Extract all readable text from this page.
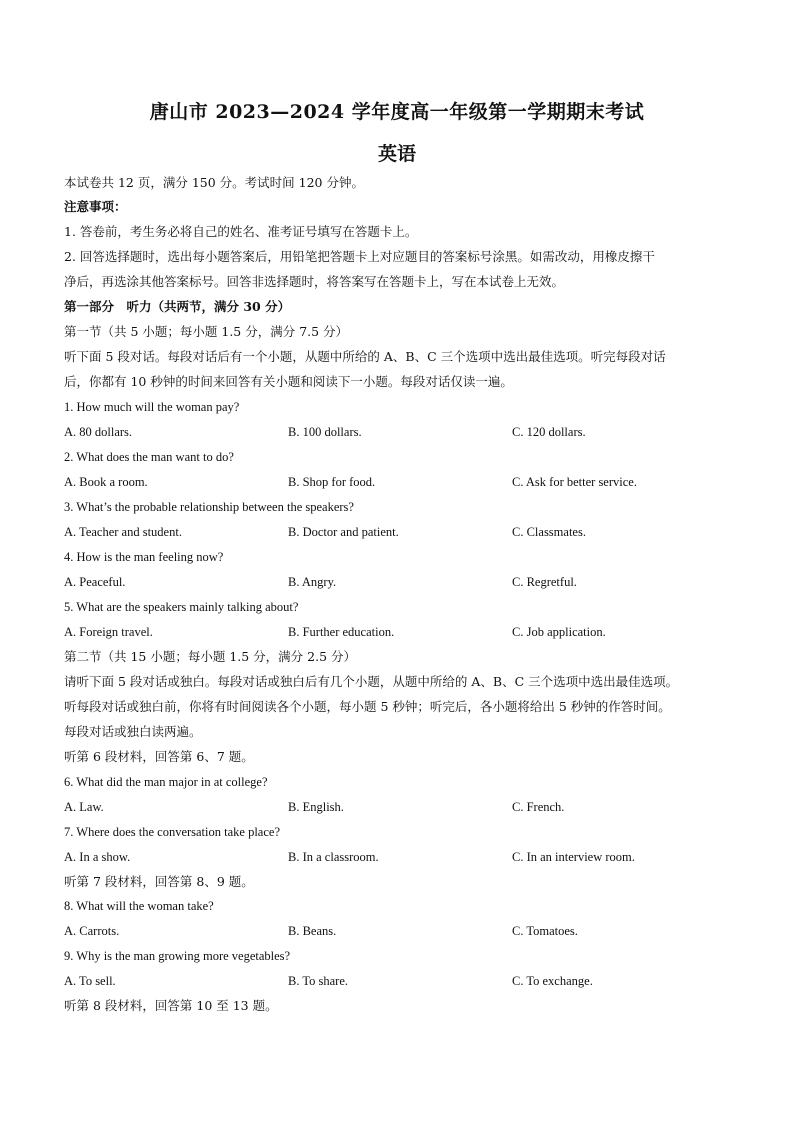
唐山市 2023—2024 学年度高一年级第一学期期末考试
英语
本试卷共 12 页，满分 150 分。考试时间 120 分钟。
注意事项：
1. 答卷前，考生务必将自己的姓名、准考证号填写在答题卡上。
2. 回答选择题时，选出每小题答案后，用铅笔把答题卡上对应题目的答案标号涂黑。如需改动，用橡皮擦干
净后，再选涂其他答案标号。回答非选择题时，将答案写在答题卡上，写在本试卷上无效。
第一部分　听力（共两节，满分 30 分）
第一节（共 5 小题；每小题 1.5 分，满分 7.5 分）
听下面 5 段对话。每段对话后有一个小题，从题中所给的 A、B、C 三个选项中选出最佳选项。听完每段对话
后，你都有 10 秒钟的时间来回答有关小题和阅读下一小题。每段对话仅读一遍。
1. How much will the woman pay?
A. 80 dollars.	B. 100 dollars.	C. 120 dollars.
2. What does the man want to do?
A. Book a room.	B. Shop for food.	C. Ask for better service.
3. What’s the probable relationship between the speakers?
A. Teacher and student.	B. Doctor and patient.	C. Classmates.
4. How is the man feeling now?
A. Peaceful.	B. Angry.	C. Regretful.
5. What are the speakers mainly talking about?
A. Foreign travel.	B. Further education.	C. Job application.
第二节（共 15 小题；每小题 1.5 分，满分 2.5 分）
请听下面 5 段对话或独白。每段对话或独白后有几个小题，从题中所给的 A、B、C 三个选项中选出最佳选项。
听每段对话或独白前，你将有时间阅读各个小题，每小题 5 秒钟；听完后，各小题将给出 5 秒钟的作答时间。
每段对话或独白读两遍。
听第 6 段材料，回答第 6、7 题。
6. What did the man major in at college?
A. Law.	B. English.	C. French.
7. Where does the conversation take place?
A. In a show.	B. In a classroom.	C. In an interview room.
听第 7 段材料，回答第 8、9 题。
8. What will the woman take?
A. Carrots.	B. Beans.	C. Tomatoes.
9. Why is the man growing more vegetables?
A. To sell.	B. To share.	C. To exchange.
听第 8 段材料，回答第 10 至 13 题。
